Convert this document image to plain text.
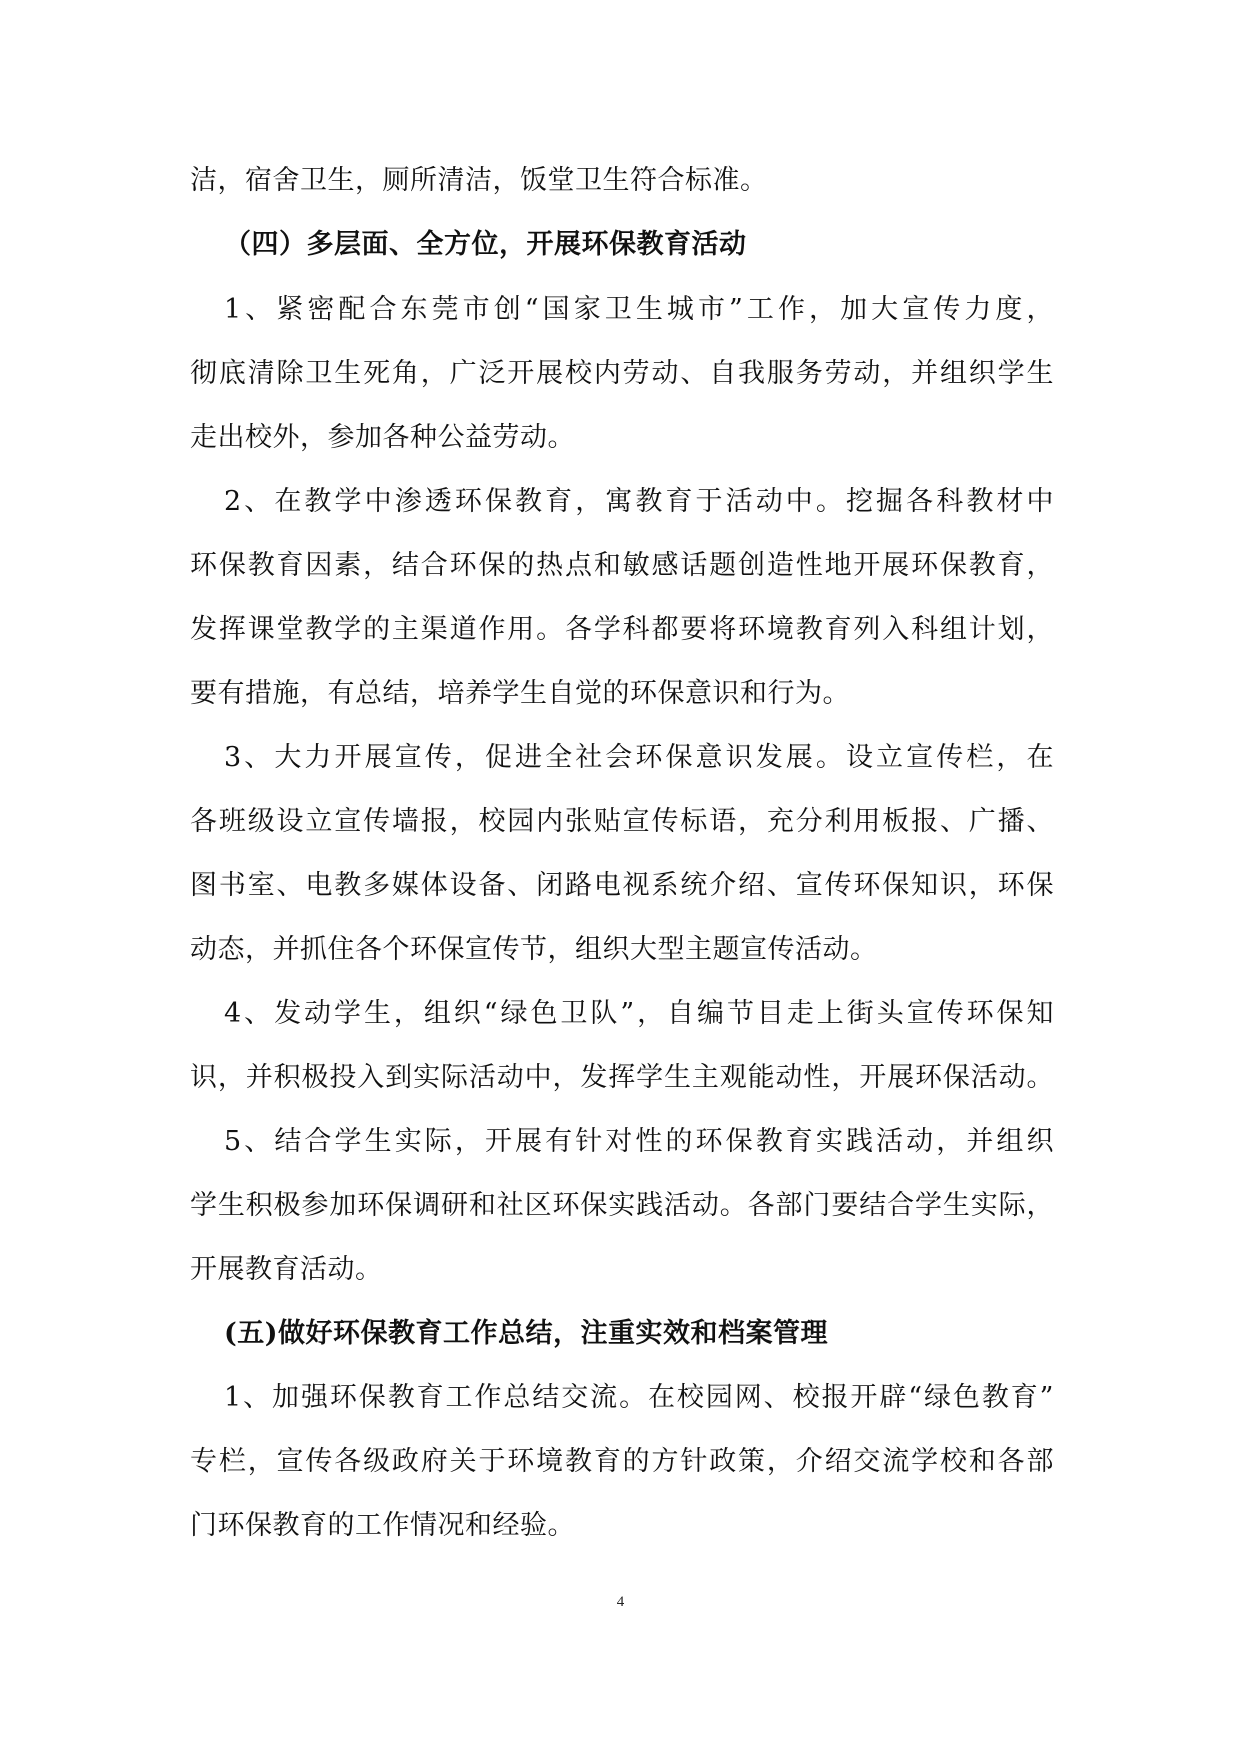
洁，宿舍卫生，厕所清洁，饭堂卫生符合标准。
（四）多层面、全方位，开展环保教育活动
1、紧密配合东莞市创“国家卫生城市”工作，加大宣传力度，
彻底清除卫生死角，广泛开展校内劳动、自我服务劳动，并组织学生
走出校外，参加各种公益劳动。
2、在教学中渗透环保教育，寓教育于活动中。挖掘各科教材中
环保教育因素，结合环保的热点和敏感话题创造性地开展环保教育，
发挥课堂教学的主渠道作用。各学科都要将环境教育列入科组计划，
要有措施，有总结，培养学生自觉的环保意识和行为。
3、大力开展宣传，促进全社会环保意识发展。设立宣传栏，在
各班级设立宣传墙报，校园内张贴宣传标语，充分利用板报、广播、
图书室、电教多媒体设备、闭路电视系统介绍、宣传环保知识，环保
动态，并抓住各个环保宣传节，组织大型主题宣传活动。
4、发动学生，组织“绿色卫队”，自编节目走上街头宣传环保知
识，并积极投入到实际活动中，发挥学生主观能动性，开展环保活动。
5、结合学生实际，开展有针对性的环保教育实践活动，并组织
学生积极参加环保调研和社区环保实践活动。各部门要结合学生实际，
开展教育活动。
(五)做好环保教育工作总结，注重实效和档案管理
1、加强环保教育工作总结交流。在校园网、校报开辟“绿色教育”
专栏，宣传各级政府关于环境教育的方针政策，介绍交流学校和各部
门环保教育的工作情况和经验。
4
